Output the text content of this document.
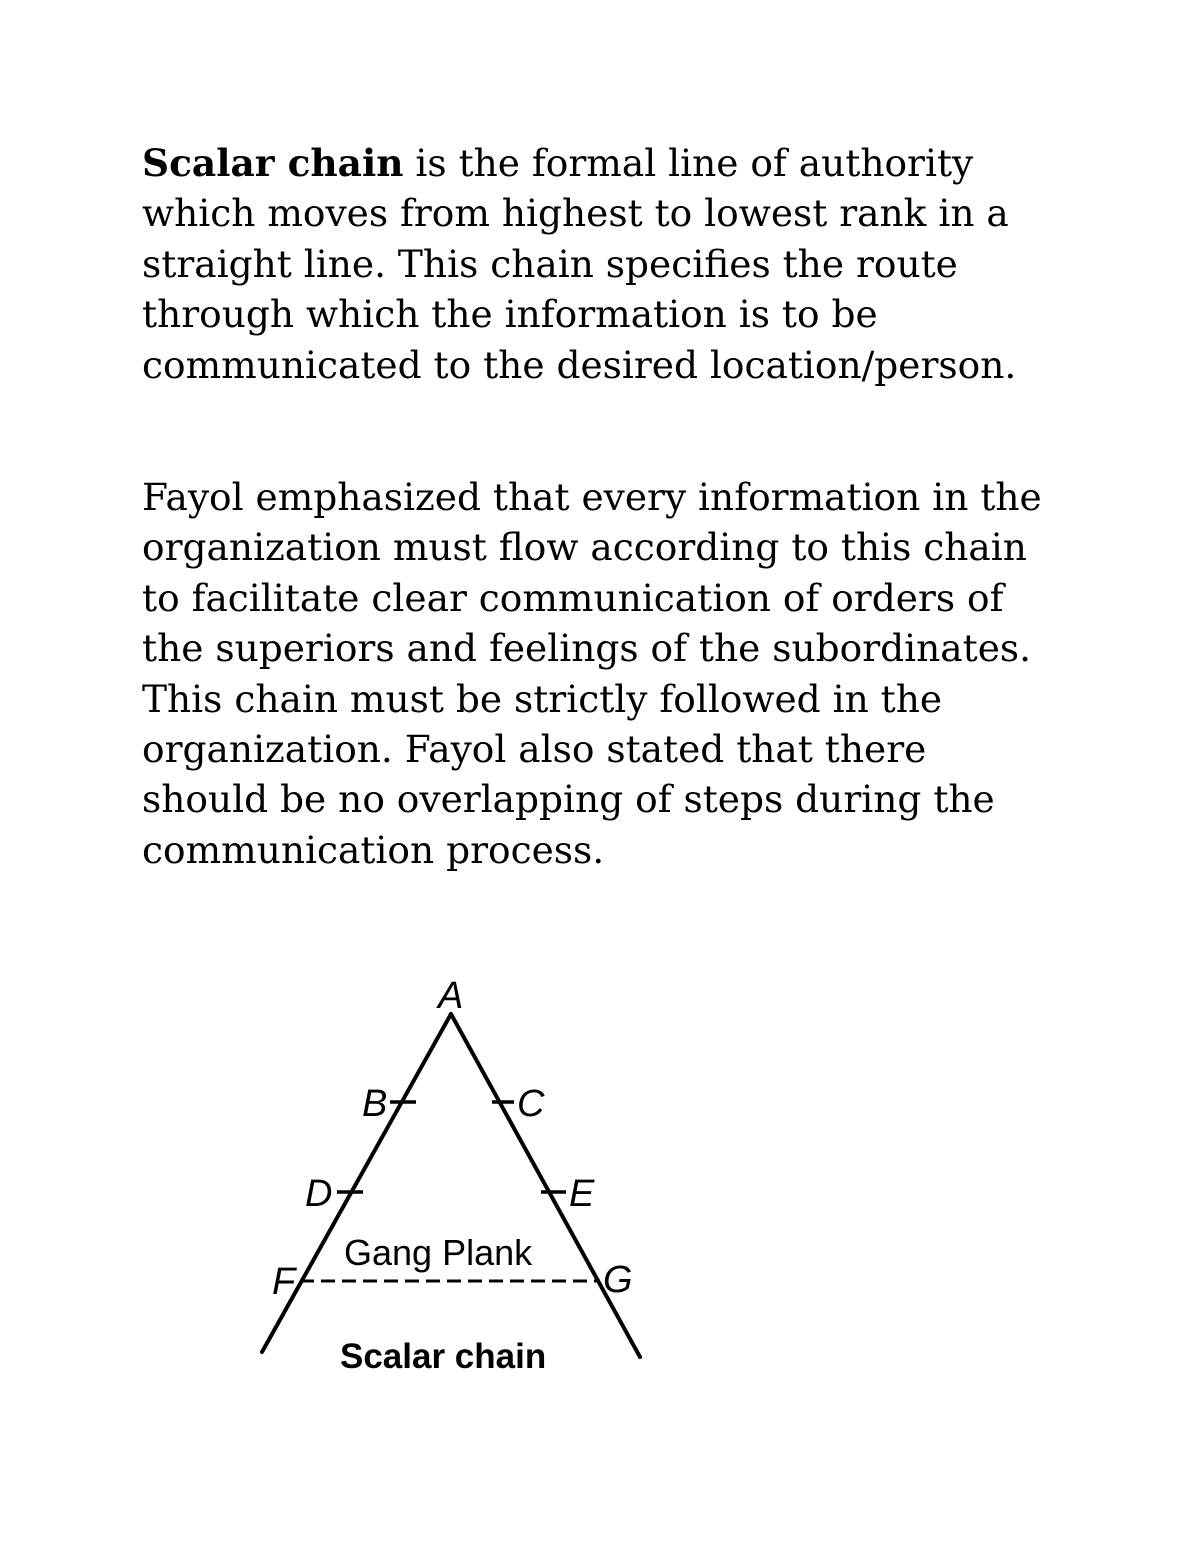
Scalar chain is the formal line of authority
which moves from highest to lowest rank in a
straight line. This chain specifies the route
through which the information is to be
communicated to the desired location/person.
Fayol emphasized that every information in the
organization must flow according to this chain
to facilitate clear communication of orders of
the superiors and feelings of the subordinates.
This chain must be strictly followed in the
organization. Fayol also stated that there
should be no overlapping of steps during the
communication process.
A
B	C
D	E
F	G
Gang Plank
Scalar chain
